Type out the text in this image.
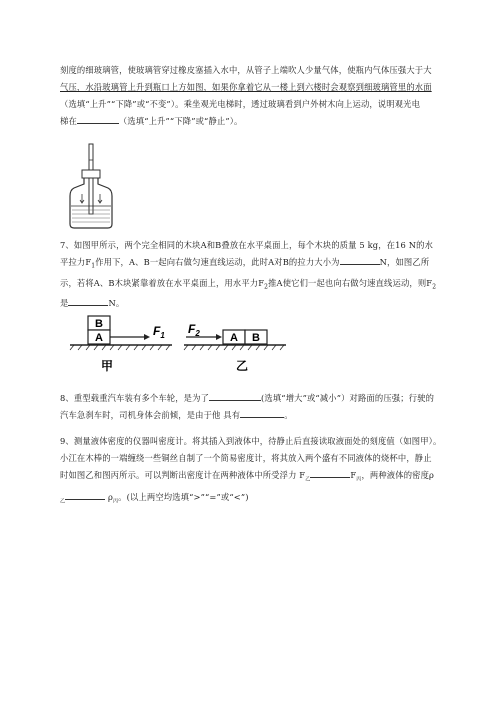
刻度的细玻璃管，使玻璃管穿过橡皮塞插入水中，从管子上端吹人少量气体，使瓶内气体压强大于大
气压，水沿玻璃管上升到瓶口上方如图，如果你拿着它从一楼上到六楼时会观察到细玻璃管里的水面
（选填“上升”“下降”或“不变”）。乘坐观光电梯时，透过玻璃看到户外树木向上运动，说明观光电
梯在	（选填“上升”“下降”或“静止”）。
7、如图甲所示，两个完全相同的木块A和B叠放在水平桌面上，每个木块的质量 5 kg，在16 N的水
平拉力$F_1$作用下，A、B一起向右做匀速直线运动，此时A对B的拉力大小为	N，如图乙所
示，若将A、B木块紧靠着放在水平桌面上，用水平力$F_2$推A使它们一起也向右做匀速直线运动，则$F_2$
是	N。
B
A	$F_1$
甲
$F_2$	A B
乙
8、重型载重汽车装有多个车轮，是为了	(选填“增大”或“减小”）对路面的压强；行驶的
汽车急刹车时，司机身体会前倾，是由于他 具有	。
9、测量液体密度的仪器叫密度计。将其插入到液体中，待静止后直接读取液面处的刻度值（如图甲）。
小江在木棒的一端缠绕一些铜丝自制了一个简易密度计，将其放入两个盛有不同液体的烧杯中，静止
时如图乙和图丙所示。可以判断出密度计在两种液体中所受浮力 $F_乙$	$F_丙$，两种液体的密度ρ
$_乙$	$\rho_丙$。(以上两空均选填“>”“=”或“<”)
